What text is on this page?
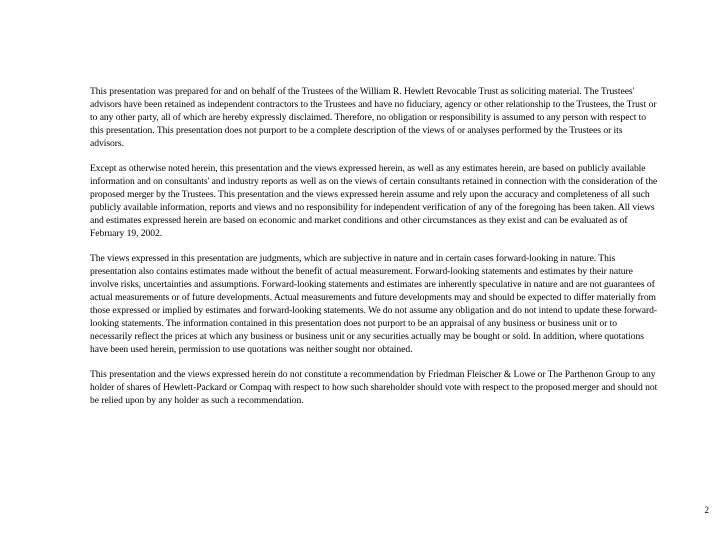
This presentation was prepared for and on behalf of the Trustees of the William R. Hewlett Revocable Trust as soliciting material. The Trustees' advisors have been retained as independent contractors to the Trustees and have no fiduciary, agency or other relationship to the Trustees, the Trust or to any other party, all of which are hereby expressly disclaimed. Therefore, no obligation or responsibility is assumed to any person with respect to this presentation. This presentation does not purport to be a complete description of the views of or analyses performed by the Trustees or its advisors.

Except as otherwise noted herein, this presentation and the views expressed herein, as well as any estimates herein, are based on publicly available information and on consultants' and industry reports as well as on the views of certain consultants retained in connection with the consideration of the proposed merger by the Trustees. This presentation and the views expressed herein assume and rely upon the accuracy and completeness of all such publicly available information, reports and views and no responsibility for independent verification of any of the foregoing has been taken. All views and estimates expressed herein are based on economic and market conditions and other circumstances as they exist and can be evaluated as of February 19, 2002.

The views expressed in this presentation are judgments, which are subjective in nature and in certain cases forward-looking in nature. This presentation also contains estimates made without the benefit of actual measurement. Forward-looking statements and estimates by their nature involve risks, uncertainties and assumptions. Forward-looking statements and estimates are inherently speculative in nature and are not guarantees of actual measurements or of future developments. Actual measurements and future developments may and should be expected to differ materially from those expressed or implied by estimates and forward-looking statements. We do not assume any obligation and do not intend to update these forward-looking statements. The information contained in this presentation does not purport to be an appraisal of any business or business unit or to necessarily reflect the prices at which any business or business unit or any securities actually may be bought or sold. In addition, where quotations have been used herein, permission to use quotations was neither sought nor obtained.

This presentation and the views expressed herein do not constitute a recommendation by Friedman Fleischer & Lowe or The Parthenon Group to any holder of shares of Hewlett-Packard or Compaq with respect to how such shareholder should vote with respect to the proposed merger and should not be relied upon by any holder as such a recommendation.

2
